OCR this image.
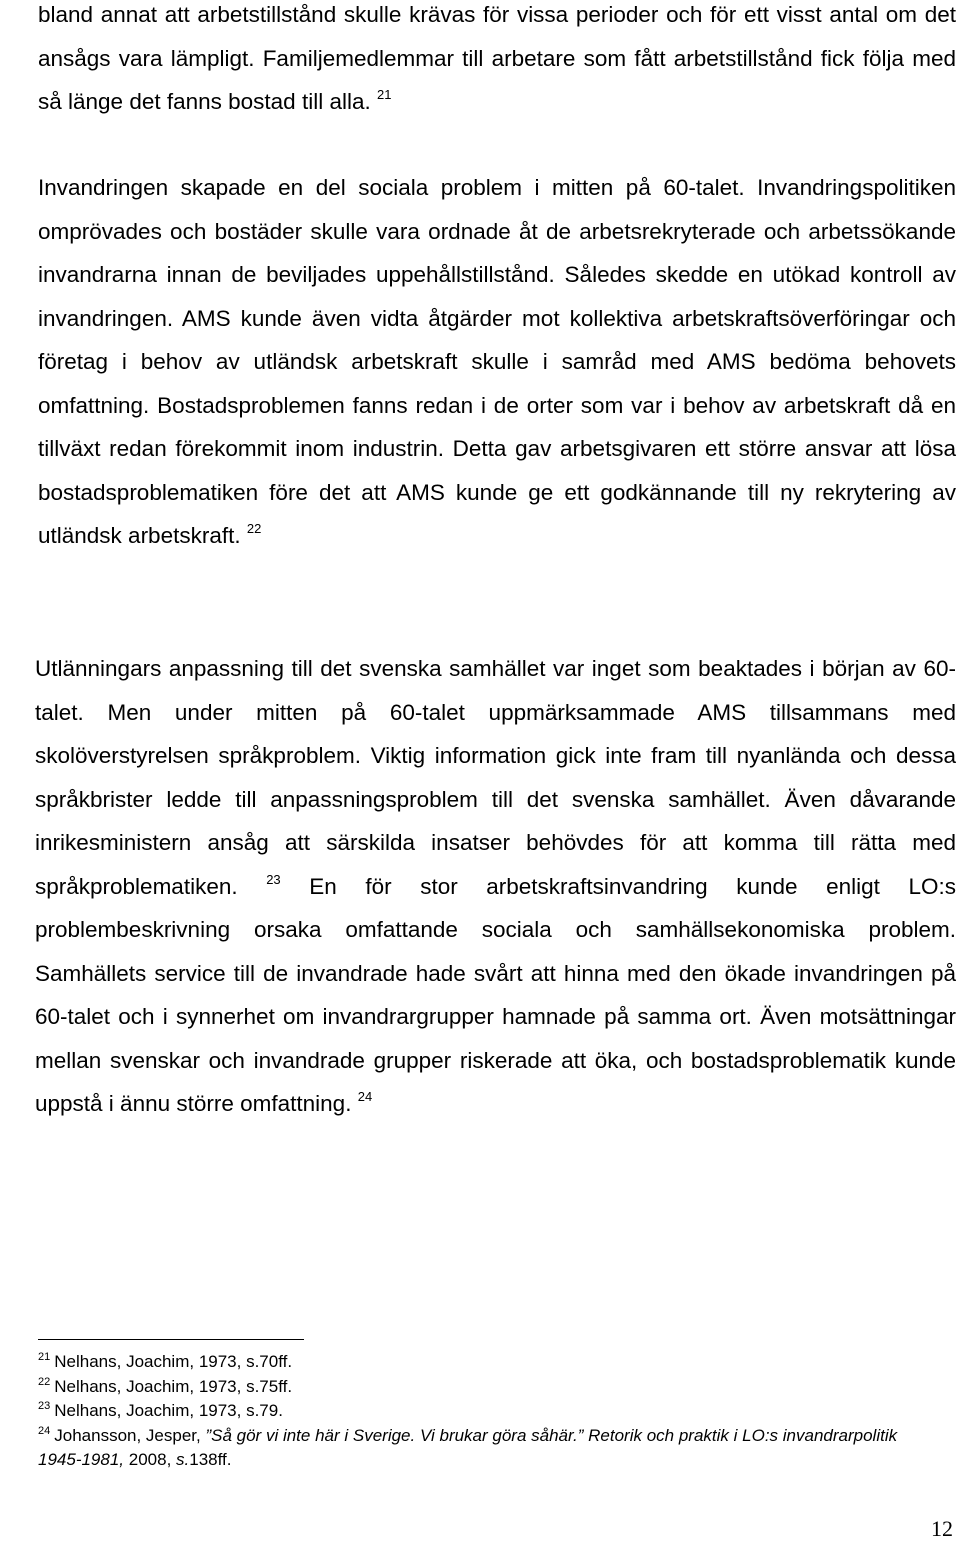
bland annat att arbetstillstånd skulle krävas för vissa perioder och för ett visst antal om det ansågs vara lämpligt. Familjemedlemmar till arbetare som fått arbetstillstånd fick följa med så länge det fanns bostad till alla. $^{21}$

Invandringen skapade en del sociala problem i mitten på 60-talet. Invandringspolitiken omprövades och bostäder skulle vara ordnade åt de arbetsrekryterade och arbetssökande invandrarna innan de beviljades uppehållstillstånd. Således skedde en utökad kontroll av invandringen. AMS kunde även vidta åtgärder mot kollektiva arbetskraftsöverföringar och företag i behov av utländsk arbetskraft skulle i samråd med AMS bedöma behovets omfattning. Bostadsproblemen fanns redan i de orter som var i behov av arbetskraft då en tillväxt redan förekommit inom industrin. Detta gav arbetsgivaren ett större ansvar att lösa bostadsproblematiken före det att AMS kunde ge ett godkännande till ny rekrytering av utländsk arbetskraft. $^{22}$

Utlänningars anpassning till det svenska samhället var inget som beaktades i början av 60-talet. Men under mitten på 60-talet uppmärksammade AMS tillsammans med skolöverstyrelsen språkproblem. Viktig information gick inte fram till nyanlända och dessa språkbrister ledde till anpassningsproblem till det svenska samhället. Även dåvarande inrikesministern ansåg att särskilda insatser behövdes för att komma till rätta med språkproblematiken. $^{23}$ En för stor arbetskraftsinvandring kunde enligt LO:s problembeskrivning orsaka omfattande sociala och samhällsekonomiska problem. Samhällets service till de invandrade hade svårt att hinna med den ökade invandringen på 60-talet och i synnerhet om invandrargrupper hamnade på samma ort. Även motsättningar mellan svenskar och invandrade grupper riskerade att öka, och bostadsproblematik kunde uppstå i ännu större omfattning. $^{24}$

$^{21}$ Nelhans, Joachim, 1973, s.70ff.

$^{22}$ Nelhans, Joachim, 1973, s.75ff.

$^{23}$ Nelhans, Joachim, 1973, s.79.

$^{24}$ Johansson, Jesper, ”Så gör vi inte här i Sverige. Vi brukar göra såhär.” Retorik och praktik i LO:s invandrarpolitik 1945-1981, 2008, s.138ff.

12
